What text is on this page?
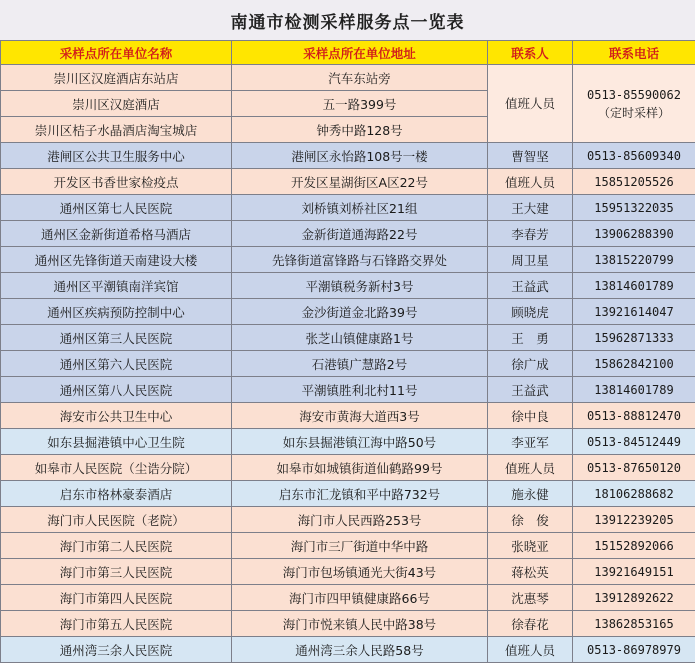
南通市检测采样服务点一览表
采样点所在单位名称	采样点所在单位地址	联系人	联系电话
崇川区汉庭酒店东站店	汽车东站旁	值班人员	0513-85590062
（定时采样）

崇川区汉庭酒店	五一路399号		
崇川区桔子水晶酒店淘宝城店	钟秀中路128号		
港闸区公共卫生服务中心	港闸区永怡路108号一楼	曹智坚	0513-85609340
开发区书香世家检疫点	开发区星湖街区A区22号	值班人员	15851205526
通州区第七人民医院	刘桥镇刘桥社区21组	王大建	15951322035
通州区金新街道希格马酒店	金新街道通海路22号	李春芳	13906288390
通州区先锋街道天南建设大楼	先锋街道富锋路与石锋路交界处	周卫星	13815220799
通州区平潮镇南洋宾馆	平潮镇税务新村3号	王益武	13814601789
通州区疾病预防控制中心	金沙街道金北路39号	顾晓虎	13921614047
通州区第三人民医院	张芝山镇健康路1号	王　勇	15962871333
通州区第六人民医院	石港镇广慧路2号	徐广成	15862842100
通州区第八人民医院	平潮镇胜利北村11号	王益武	13814601789
海安市公共卫生中心	海安市黄海大道西3号	徐中良	0513-88812470
如东县掘港镇中心卫生院	如东县掘港镇江海中路50号	李亚军	0513-84512449
如皋市人民医院（尘诰分院）	如皋市如城镇街道仙鹤路99号	值班人员	0513-87650120
启东市格林豪泰酒店	启东市汇龙镇和平中路732号	施永健	18106288682
海门市人民医院（老院）	海门市人民西路253号	徐　俊	13912239205
海门市第二人民医院	海门市三厂街道中华中路	张晓亚	15152892066
海门市第三人民医院	海门市包场镇通光大街43号	蒋松英	13921649151
海门市第四人民医院	海门市四甲镇健康路66号	沈惠琴	13912892622
海门市第五人民医院	海门市悦来镇人民中路38号	徐春花	13862853165
通州湾三余人民医院	通州湾三余人民路58号	值班人员	0513-86978979
